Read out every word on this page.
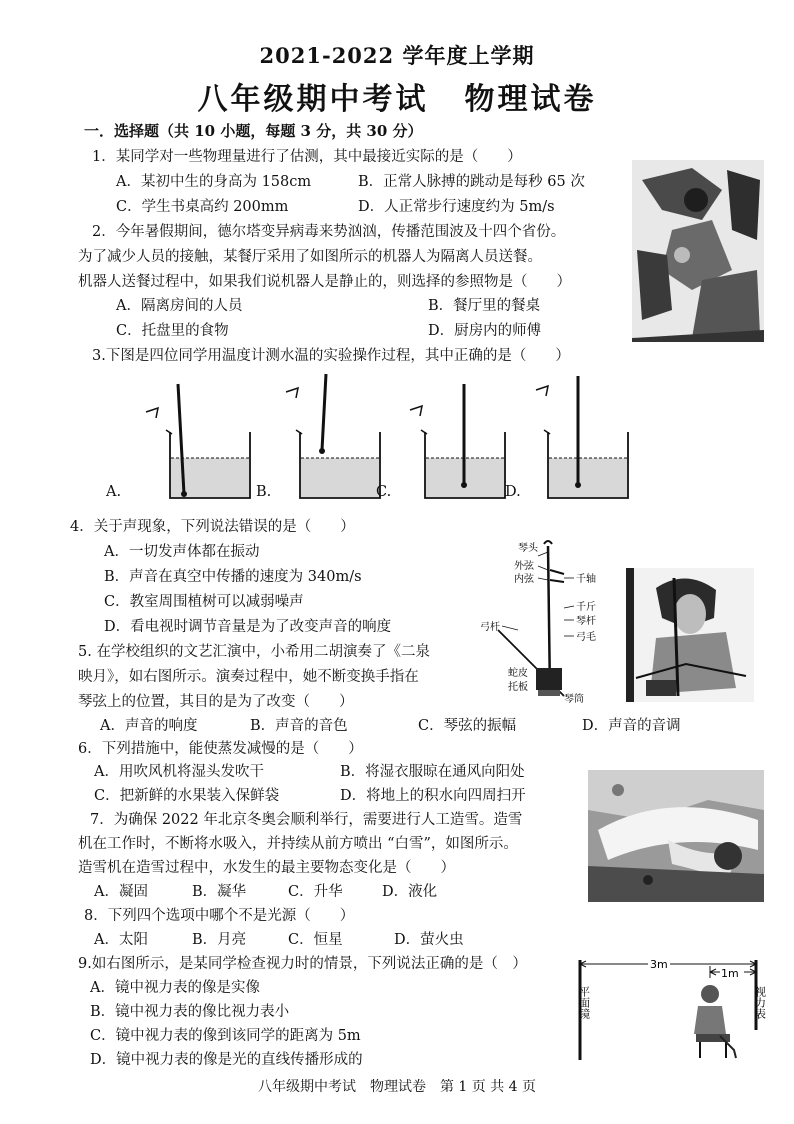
2021-2022 学年度上学期
八年级期中考试 物理试卷
一．选择题（共 10 小题，每题 3 分，共 30 分）
1．某同学对一些物理量进行了估测，其中最接近实际的是（　　）
A．某初中生的身高为 158cm	B．正常人脉搏的跳动是每秒 65 次
C．学生书桌高约 200mm	D．人正常步行速度约为 5m/s
2．今年暑假期间，德尔塔变异病毒来势汹汹，传播范围波及十四个省份。
为了减少人员的接触，某餐厅采用了如图所示的机器人为隔离人员送餐。
机器人送餐过程中，如果我们说机器人是静止的，则选择的参照物是（　　）
A．隔离房间的人员	B．餐厅里的餐桌
C．托盘里的食物	D．厨房内的师傅
3.下图是四位同学用温度计测水温的实验操作过程，其中正确的是（　　）
A.	B.	C.	D.
4．关于声现象，下列说法错误的是（　　）
A．一切发声体都在振动
B．声音在真空中传播的速度为 340m/s
C．教室周围植树可以减弱噪声
D．看电视时调节音量是为了改变声音的响度
琴头
外弦
内弦	千轴
弓杆
千斤
琴杆
弓毛
蛇皮
托板
琴筒
5. 在学校组织的文艺汇演中，小希用二胡演奏了《二泉
映月》，如右图所示。演奏过程中，她不断变换手指在
琴弦上的位置，其目的是为了改变（　　）
A．声音的响度	B．声音的音色	C．琴弦的振幅	D．声音的音调
6．下列措施中，能使蒸发减慢的是（　　）
A．用吹风机将湿头发吹干	B．将湿衣服晾在通风向阳处
C．把新鲜的水果装入保鲜袋	D．将地上的积水向四周扫开
7．为确保 2022 年北京冬奥会顺利举行，需要进行人工造雪。造雪
机在工作时，不断将水吸入，并持续从前方喷出 “白雪”，如图所示。
造雪机在造雪过程中，水发生的最主要物态变化是（　　）
A．凝固	B．凝华	C．升华	D．液化
8．下列四个选项中哪个不是光源（　　）
A．太阳	B．月亮	C．恒星	D．萤火虫
9.如右图所示，是某同学检查视力时的情景，下列说法正确的是（　）
A．镜中视力表的像是实像
B．镜中视力表的像比视力表小
C．镜中视力表的像到该同学的距离为 5m
D．镜中视力表的像是光的直线传播形成的
3m
1m
平面镜	视力表
八年级期中考试　物理试卷　第 1 页 共 4 页
